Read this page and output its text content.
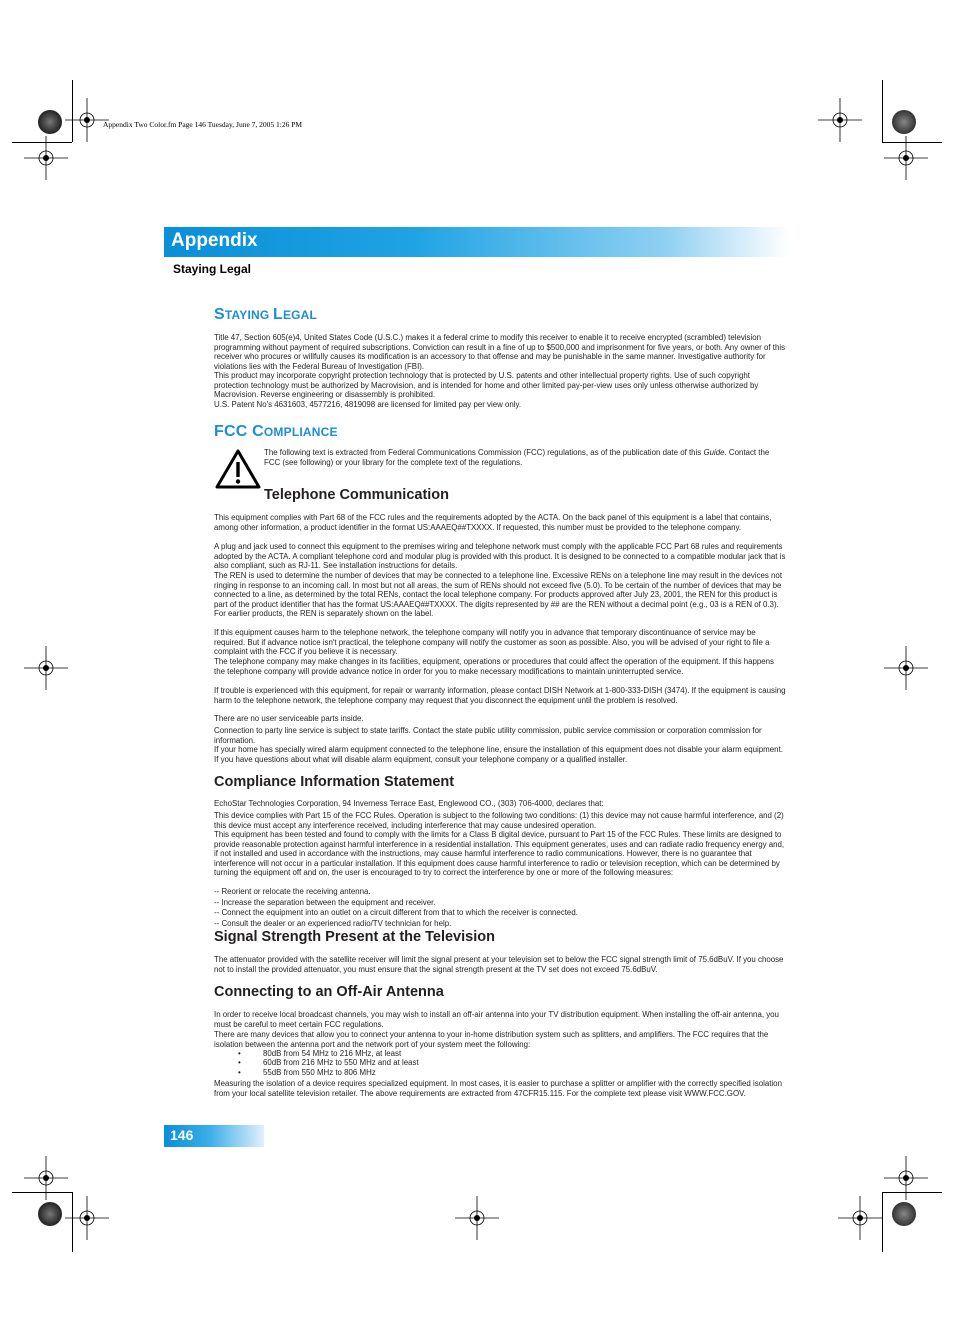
Appendix Two Color.fm Page 146 Tuesday, June 7, 2005 1:26 PM
Appendix
Staying Legal
STAYING LEGAL

Title 47, Section 605(e)4, United States Code (U.S.C.) makes it a federal crime to modify this receiver to enable it to receive encrypted (scrambled) television programming without payment of required subscriptions. Conviction can result in a fine of up to $500,000 and imprisonment for five years, or both. Any owner of this receiver who procures or willfully causes its modification is an accessory to that offense and may be punishable in the same manner. Investigative authority for violations lies with the Federal Bureau of Investigation (FBI).

This product may incorporate copyright protection technology that is protected by U.S. patents and other intellectual property rights. Use of such copyright protection technology must be authorized by Macrovision, and is intended for home and other limited pay-per-view uses only unless otherwise authorized by Macrovision. Reverse engineering or disassembly is prohibited.

U.S. Patent No's 4631603, 4577216, 4819098 are licensed for limited pay per view only.

FCC COMPLIANCE
The following text is extracted from Federal Communications Commission (FCC) regulations, as of the publication date of this Guide. Contact the FCC (see following) or your library for the complete text of the regulations.
Telephone Communication

This equipment complies with Part 68 of the FCC rules and the requirements adopted by the ACTA. On the back panel of this equipment is a label that contains, among other information, a product identifier in the format US:AAAEQ##TXXXX. If requested, this number must be provided to the telephone company.

A plug and jack used to connect this equipment to the premises wiring and telephone network must comply with the applicable FCC Part 68 rules and requirements adopted by the ACTA. A compliant telephone cord and modular plug is provided with this product. It is designed to be connected to a compatible modular jack that is also compliant, such as RJ-11. See installation instructions for details.

The REN is used to determine the number of devices that may be connected to a telephone line. Excessive RENs on a telephone line may result in the devices not ringing in response to an incoming call. In most but not all areas, the sum of RENs should not exceed five (5.0). To be certain of the number of devices that may be connected to a line, as determined by the total RENs, contact the local telephone company. For products approved after July 23, 2001, the REN for this product is part of the product identifier that has the format US:AAAEQ##TXXXX. The digits represented by ## are the REN without a decimal point (e.g., 03 is a REN of 0.3). For earlier products, the REN is separately shown on the label.

If this equipment causes harm to the telephone network, the telephone company will notify you in advance that temporary discontinuance of service may be required. But if advance notice isn't practical, the telephone company will notify the customer as soon as possible. Also, you will be advised of your right to file a complaint with the FCC if you believe it is necessary.

The telephone company may make changes in its facilities, equipment, operations or procedures that could affect the operation of the equipment. If this happens the telephone company will provide advance notice in order for you to make necessary modifications to maintain uninterrupted service.

If trouble is experienced with this equipment, for repair or warranty information, please contact DISH Network at 1-800-333-DISH (3474). If the equipment is causing harm to the telephone network, the telephone company may request that you disconnect the equipment until the problem is resolved.

There are no user serviceable parts inside.

Connection to party line service is subject to state tariffs. Contact the state public utility commission, public service commission or corporation commission for information.

If your home has specially wired alarm equipment connected to the telephone line, ensure the installation of this equipment does not disable your alarm equipment. If you have questions about what will disable alarm equipment, consult your telephone company or a qualified installer.

Compliance Information Statement

EchoStar Technologies Corporation, 94 Inverness Terrace East, Englewood CO., (303) 706-4000, declares that:

This device complies with Part 15 of the FCC Rules. Operation is subject to the following two conditions: (1) this device may not cause harmful interference, and (2) this device must accept any interference received, including interference that may cause undesired operation.

This equipment has been tested and found to comply with the limits for a Class B digital device, pursuant to Part 15 of the FCC Rules. These limits are designed to provide reasonable protection against harmful interference in a residential installation. This equipment generates, uses and can radiate radio frequency energy and, if not installed and used in accordance with the instructions, may cause harmful interference to radio communications. However, there is no guarantee that interference will not occur in a particular installation. If this equipment does cause harmful interference to radio or television reception, which can be determined by turning the equipment off and on, the user is encouraged to try to correct the interference by one or more of the following measures:

-- Reorient or relocate the receiving antenna.
-- Increase the separation between the equipment and receiver.
-- Connect the equipment into an outlet on a circuit different from that to which the receiver is connected.
-- Consult the dealer or an experienced radio/TV technician for help.
Signal Strength Present at the Television

The attenuator provided with the satellite receiver will limit the signal present at your television set to below the FCC signal strength limit of 75.6dBuV. If you choose not to install the provided attenuator, you must ensure that the signal strength present at the TV set does not exceed 75.6dBuV.

Connecting to an Off-Air Antenna

In order to receive local broadcast channels, you may wish to install an off-air antenna into your TV distribution equipment. When installing the off-air antenna, you must be careful to meet certain FCC regulations.

There are many devices that allow you to connect your antenna to your in-home distribution system such as splitters, and amplifiers. The FCC requires that the isolation between the antenna port and the network port of your system meet the following:

•	80dB from 54 MHz to 216 MHz, at least
•	60dB from 216 MHz to 550 MHz and at least
•	55dB from 550 MHz to 806 MHz

Measuring the isolation of a device requires specialized equipment. In most cases, it is easier to purchase a splitter or amplifier with the correctly specified isolation from your local satellite television retailer. The above requirements are extracted from 47CFR15.115. For the complete text please visit WWW.FCC.GOV.

146
